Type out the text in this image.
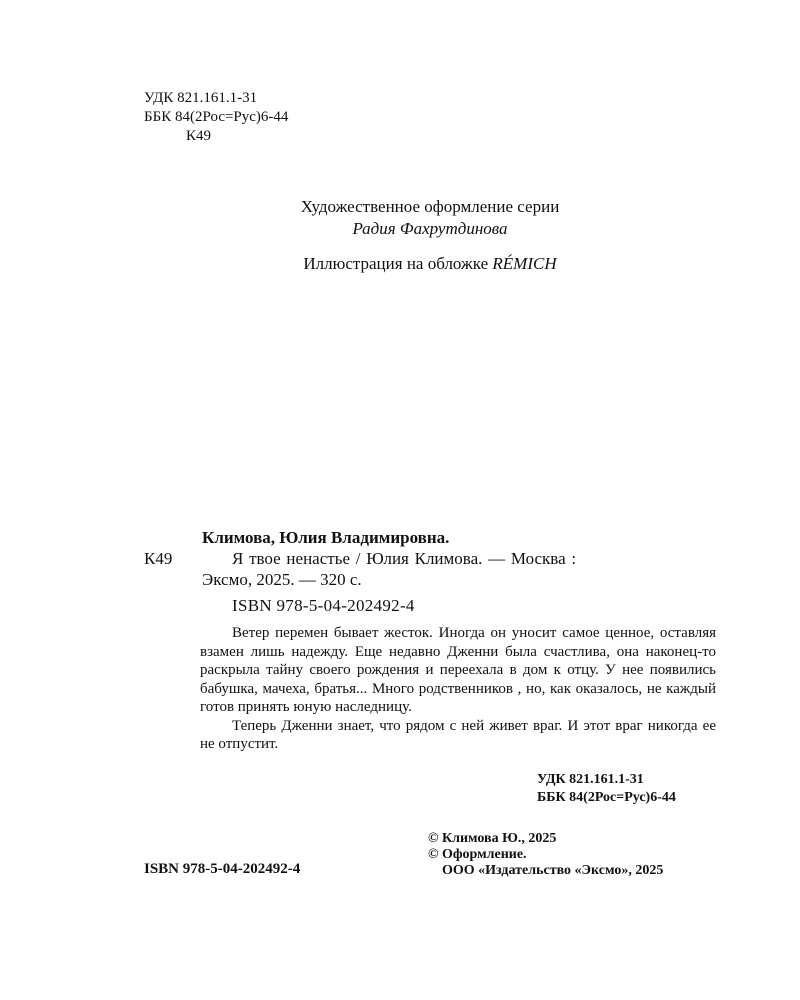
УДК 821.161.1-31
ББК 84(2Рос=Рус)6-44
К49
Художественное оформление серии
Радия Фахрутдинова
Иллюстрация на обложке RÉMICH
Климова, Юлия Владимировна.
К49	Я твое ненастье / Юлия Климова. — Москва :
Эксмо, 2025. — 320 с.
ISBN 978-5-04-202492-4

Ветер перемен бывает жесток. Иногда он уносит самое ценное, оставляя взамен лишь надежду. Еще недавно Дженни была счастлива, она наконец-то раскрыла тайну своего рождения и переехала в дом к отцу. У нее появились бабушка, мачеха, братья... Много родственников , но, как оказалось, не каждый готов принять юную наследницу.

Теперь Дженни знает, что рядом с ней живет враг. И этот враг никогда ее не отпустит.

УДК 821.161.1-31
ББК 84(2Рос=Рус)6-44
© Климова Ю., 2025
© Оформление.
ООО «Издательство «Эксмо», 2025
ISBN 978-5-04-202492-4
